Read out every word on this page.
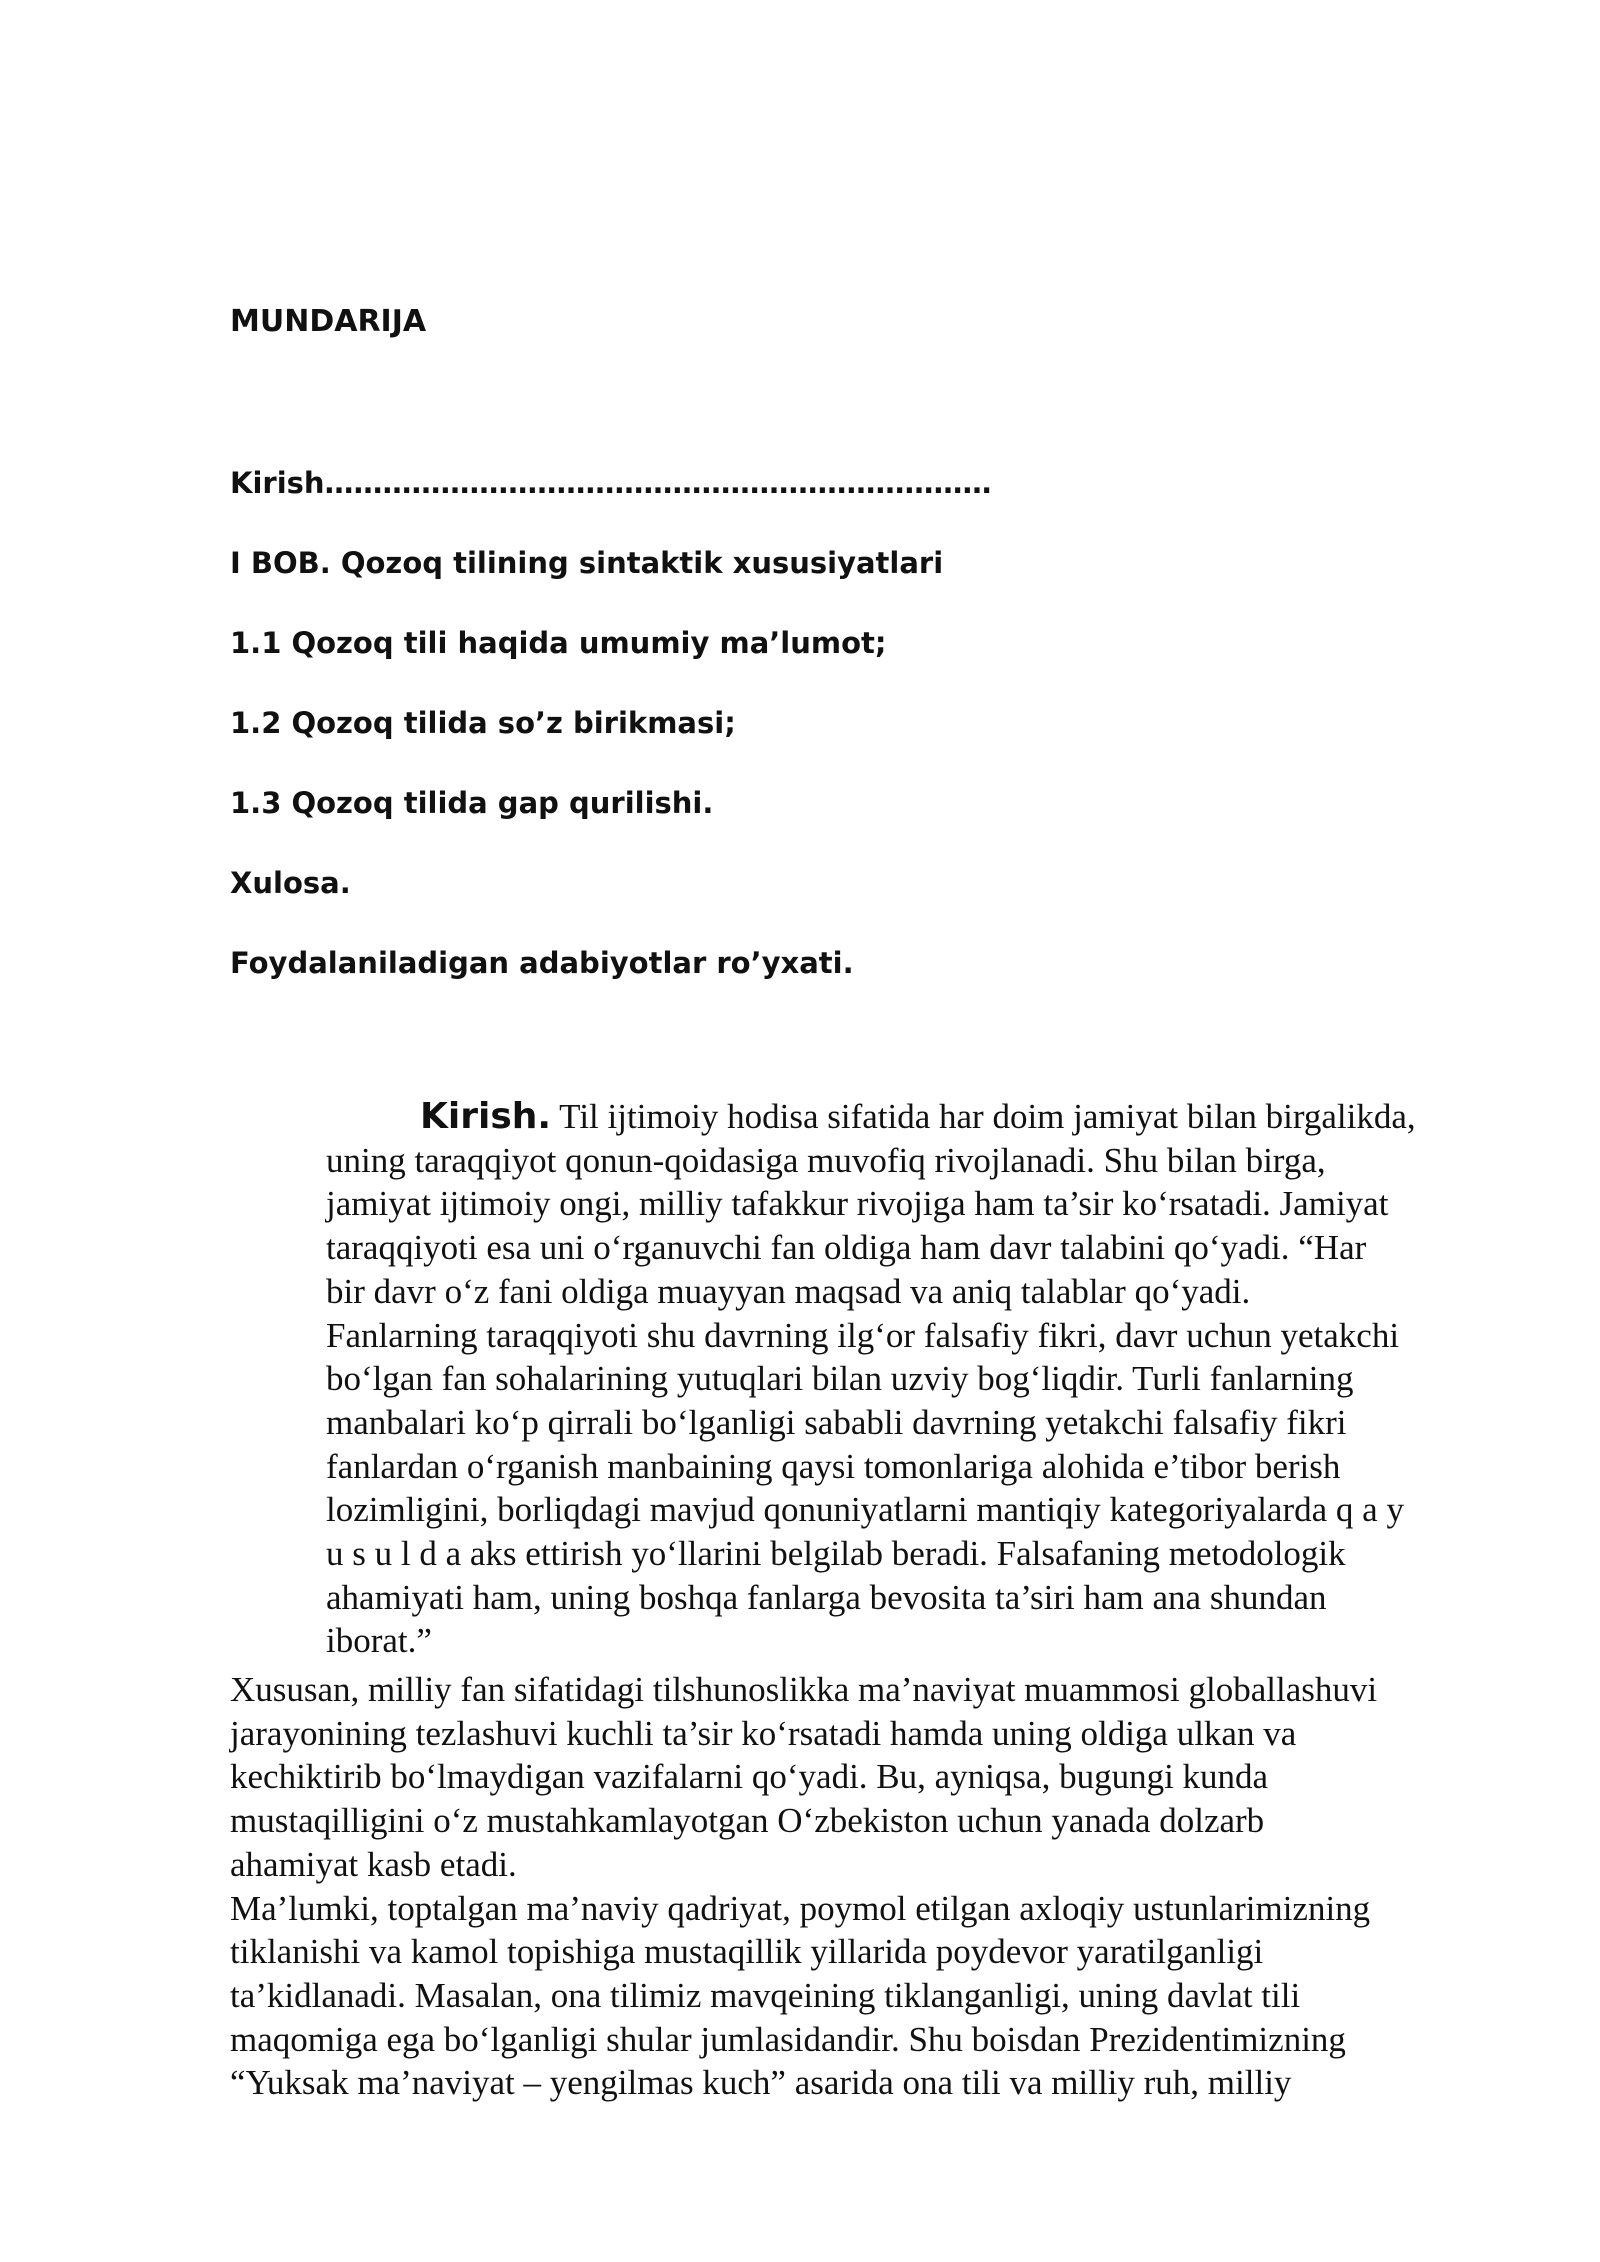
MUNDARIJA
Kirish……………………………………………………………
I BOB. Qozoq tilining sintaktik xususiyatlari
1.1 Qozoq tili haqida umumiy ma’lumot;
1.2 Qozoq tilida so’z birikmasi;
1.3 Qozoq tilida gap qurilishi.
Xulosa.
Foydalaniladigan adabiyotlar ro’yxati.
Kirish. Til ijtimoiy hodisa sifatida har doim jamiyat bilan birgalikda,
uning taraqqiyot qonun-qoidasiga muvofiq rivojlanadi. Shu bilan birga,
jamiyat ijtimoiy ongi, milliy tafakkur rivojiga ham ta’sir ko‘rsatadi. Jamiyat
taraqqiyoti esa uni o‘rganuvchi fan oldiga ham davr talabini qo‘yadi. “Har
bir davr o‘z fani oldiga muayyan maqsad va aniq talablar qo‘yadi.
Fanlarning taraqqiyoti shu davrning ilg‘or falsafiy fikri, davr uchun yetakchi
bo‘lgan fan sohalarining yutuqlari bilan uzviy bog‘liqdir. Turli fanlarning
manbalari ko‘p qirrali bo‘lganligi sababli davrning yetakchi falsafiy fikri
fanlardan o‘rganish manbaining qaysi tomonlariga alohida e’tibor berish
lozimligini, borliqdagi mavjud qonuniyatlarni mantiqiy kategoriyalarda q a y
u s u l d a aks ettirish yo‘llarini belgilab beradi. Falsafaning metodologik
ahamiyati ham, uning boshqa fanlarga bevosita ta’siri ham ana shundan
iborat.”
Xususan, milliy fan sifatidagi tilshunoslikka ma’naviyat muammosi globallashuvi
jarayonining tezlashuvi kuchli ta’sir ko‘rsatadi hamda uning oldiga ulkan va
kechiktirib bo‘lmaydigan vazifalarni qo‘yadi. Bu, ayniqsa, bugungi kunda
mustaqilligini o‘z mustahkamlayotgan O‘zbekiston uchun yanada dolzarb
ahamiyat kasb etadi.
Ma’lumki, toptalgan ma’naviy qadriyat, poymol etilgan axloqiy ustunlarimizning
tiklanishi va kamol topishiga mustaqillik yillarida poydevor yaratilganligi
ta’kidlanadi. Masalan, ona tilimiz mavqeining tiklanganligi, uning davlat tili
maqomiga ega bo‘lganligi shular jumlasidandir. Shu boisdan Prezidentimizning
“Yuksak ma’naviyat – yengilmas kuch” asarida ona tili va milliy ruh, milliy
